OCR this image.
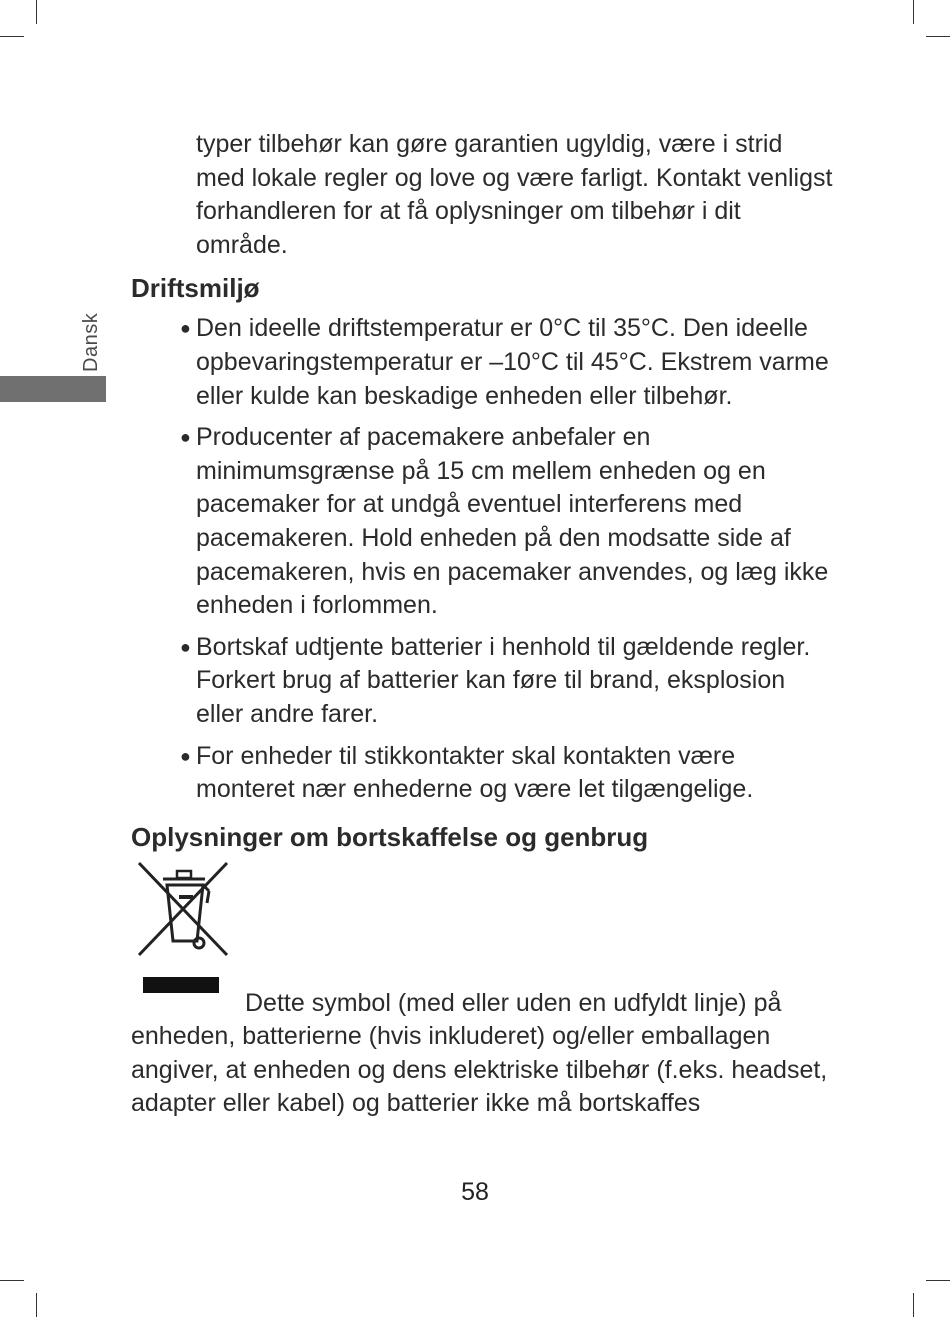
Dansk

typer tilbehør kan gøre garantien ugyldig, være i strid med lokale regler og love og være farligt. Kontakt venligst forhandleren for at få oplysninger om tilbehør i dit område.

Driftsmiljø
● Den ideelle driftstemperatur er 0°C til 35°C. Den ideelle opbevaringstemperatur er –10°C til 45°C. Ekstrem varme eller kulde kan beskadige enheden eller tilbehør.
● Producenter af pacemakere anbefaler en minimumsgrænse på 15 cm mellem enheden og en pacemaker for at undgå eventuel interferens med pacemakeren. Hold enheden på den modsatte side af pacemakeren, hvis en pacemaker anvendes, og læg ikke enheden i forlommen.
● Bortskaf udtjente batterier i henhold til gældende regler. Forkert brug af batterier kan føre til brand, eksplosion eller andre farer.
● For enheder til stikkontakter skal kontakten være monteret nær enhederne og være let tilgængelige.
Oplysninger om bortskaffelse og genbrug

Dette symbol (med eller uden en udfyldt linje) på enheden, batterierne (hvis inkluderet) og/eller emballagen angiver, at enheden og dens elektriske tilbehør (f.eks. headset, adapter eller kabel) og batterier ikke må bortskaffes

58
